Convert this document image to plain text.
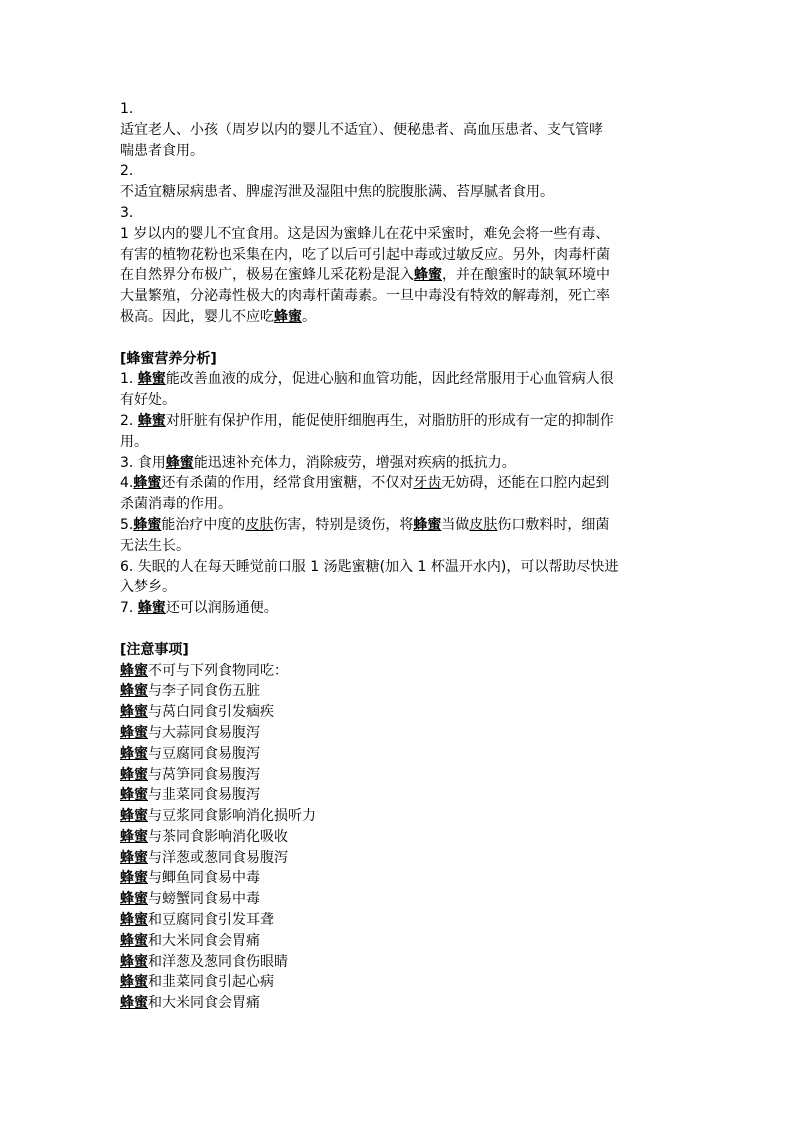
1.
适宜老人、小孩（周岁以内的婴儿不适宜）、便秘患者、高血压患者、支气管哮
喘患者食用。
2.
不适宜糖尿病患者、脾虚泻泄及湿阻中焦的脘腹胀满、苔厚腻者食用。
3.
1 岁以内的婴儿不宜食用。这是因为蜜蜂儿在花中采蜜时，难免会将一些有毒、
有害的植物花粉也采集在内，吃了以后可引起中毒或过敏反应。另外，肉毒杆菌
在自然界分布极广，极易在蜜蜂儿采花粉是混入蜂蜜，并在酿蜜时的缺氧环境中
大量繁殖，分泌毒性极大的肉毒杆菌毒素。一旦中毒没有特效的解毒剂，死亡率
极高。因此，婴儿不应吃蜂蜜。
[蜂蜜营养分析]
1. 蜂蜜能改善血液的成分，促进心脑和血管功能，因此经常服用于心血管病人很
有好处。
2. 蜂蜜对肝脏有保护作用，能促使肝细胞再生，对脂肪肝的形成有一定的抑制作
用。
3. 食用蜂蜜能迅速补充体力，消除疲劳，增强对疾病的抵抗力。
4.蜂蜜还有杀菌的作用，经常食用蜜糖，不仅对牙齿无妨碍，还能在口腔内起到
杀菌消毒的作用。
5.蜂蜜能治疗中度的皮肤伤害，特别是烫伤，将蜂蜜当做皮肤伤口敷料时，细菌
无法生长。
6. 失眠的人在每天睡觉前口服 1 汤匙蜜糖(加入 1 杯温开水内)，可以帮助尽快进
入梦乡。
7. 蜂蜜还可以润肠通便。
[注意事项]
蜂蜜不可与下列食物同吃：
蜂蜜与李子同食伤五脏
蜂蜜与莴白同食引发痼疾
蜂蜜与大蒜同食易腹泻
蜂蜜与豆腐同食易腹泻
蜂蜜与莴笋同食易腹泻
蜂蜜与韭菜同食易腹泻
蜂蜜与豆浆同食影响消化损听力
蜂蜜与茶同食影响消化吸收
蜂蜜与洋葱或葱同食易腹泻
蜂蜜与鲫鱼同食易中毒
蜂蜜与螃蟹同食易中毒
蜂蜜和豆腐同食引发耳聋
蜂蜜和大米同食会胃痛
蜂蜜和洋葱及葱同食伤眼睛
蜂蜜和韭菜同食引起心病
蜂蜜和大米同食会胃痛
